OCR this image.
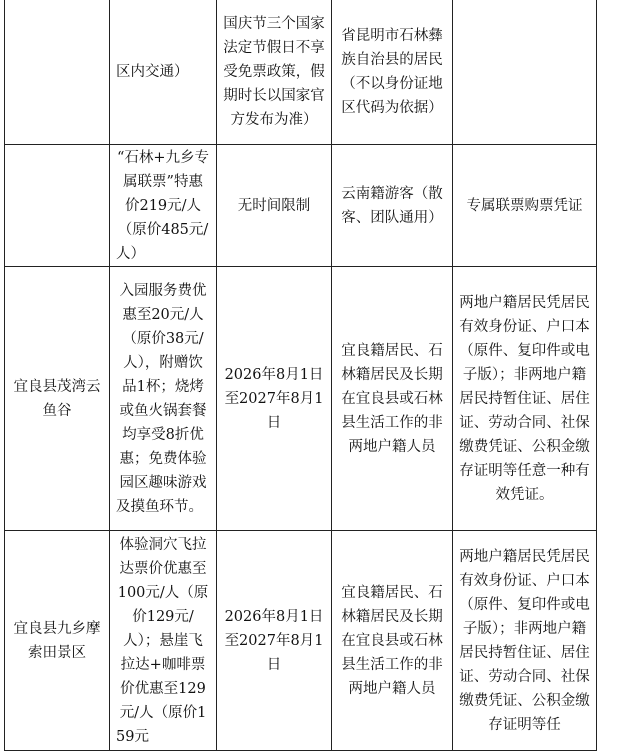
	区内交通）	国庆节三个国家法定节假日不享受免票政策，假期时长以国家官方发布为准）	省昆明市石林彝族自治县的居民（不以身份证地区代码为依据）	

	“石林+九乡专属联票”特惠价219元/人（原价485元/人）	无时间限制	云南籍游客（散客、团队通用）	专属联票购票凭证

宜良县茂湾云鱼谷	入园服务费优惠至20元/人（原价38元/人），附赠饮品1杯；烧烤或鱼火锅套餐均享受8折优惠；免费体验园区趣味游戏及摸鱼环节。	2026年8月1日至2027年8月1日	宜良籍居民、石林籍居民及长期在宜良县或石林县生活工作的非两地户籍人员	两地户籍居民凭居民有效身份证、户口本（原件、复印件或电子版）；非两地户籍居民持暂住证、居住证、劳动合同、社保缴费凭证、公积金缴存证明等任意一种有效凭证。

宜良县九乡摩索田景区	体验洞穴飞拉达票价优惠至100元/人（原价129元/人）；悬崖飞拉达+咖啡票价优惠至129元/人（原价159元	2026年8月1日至2027年8月1日	宜良籍居民、石林籍居民及长期在宜良县或石林县生活工作的非两地户籍人员	两地户籍居民凭居民有效身份证、户口本（原件、复印件或电子版）；非两地户籍居民持暂住证、居住证、劳动合同、社保缴费凭证、公积金缴存证明等任
